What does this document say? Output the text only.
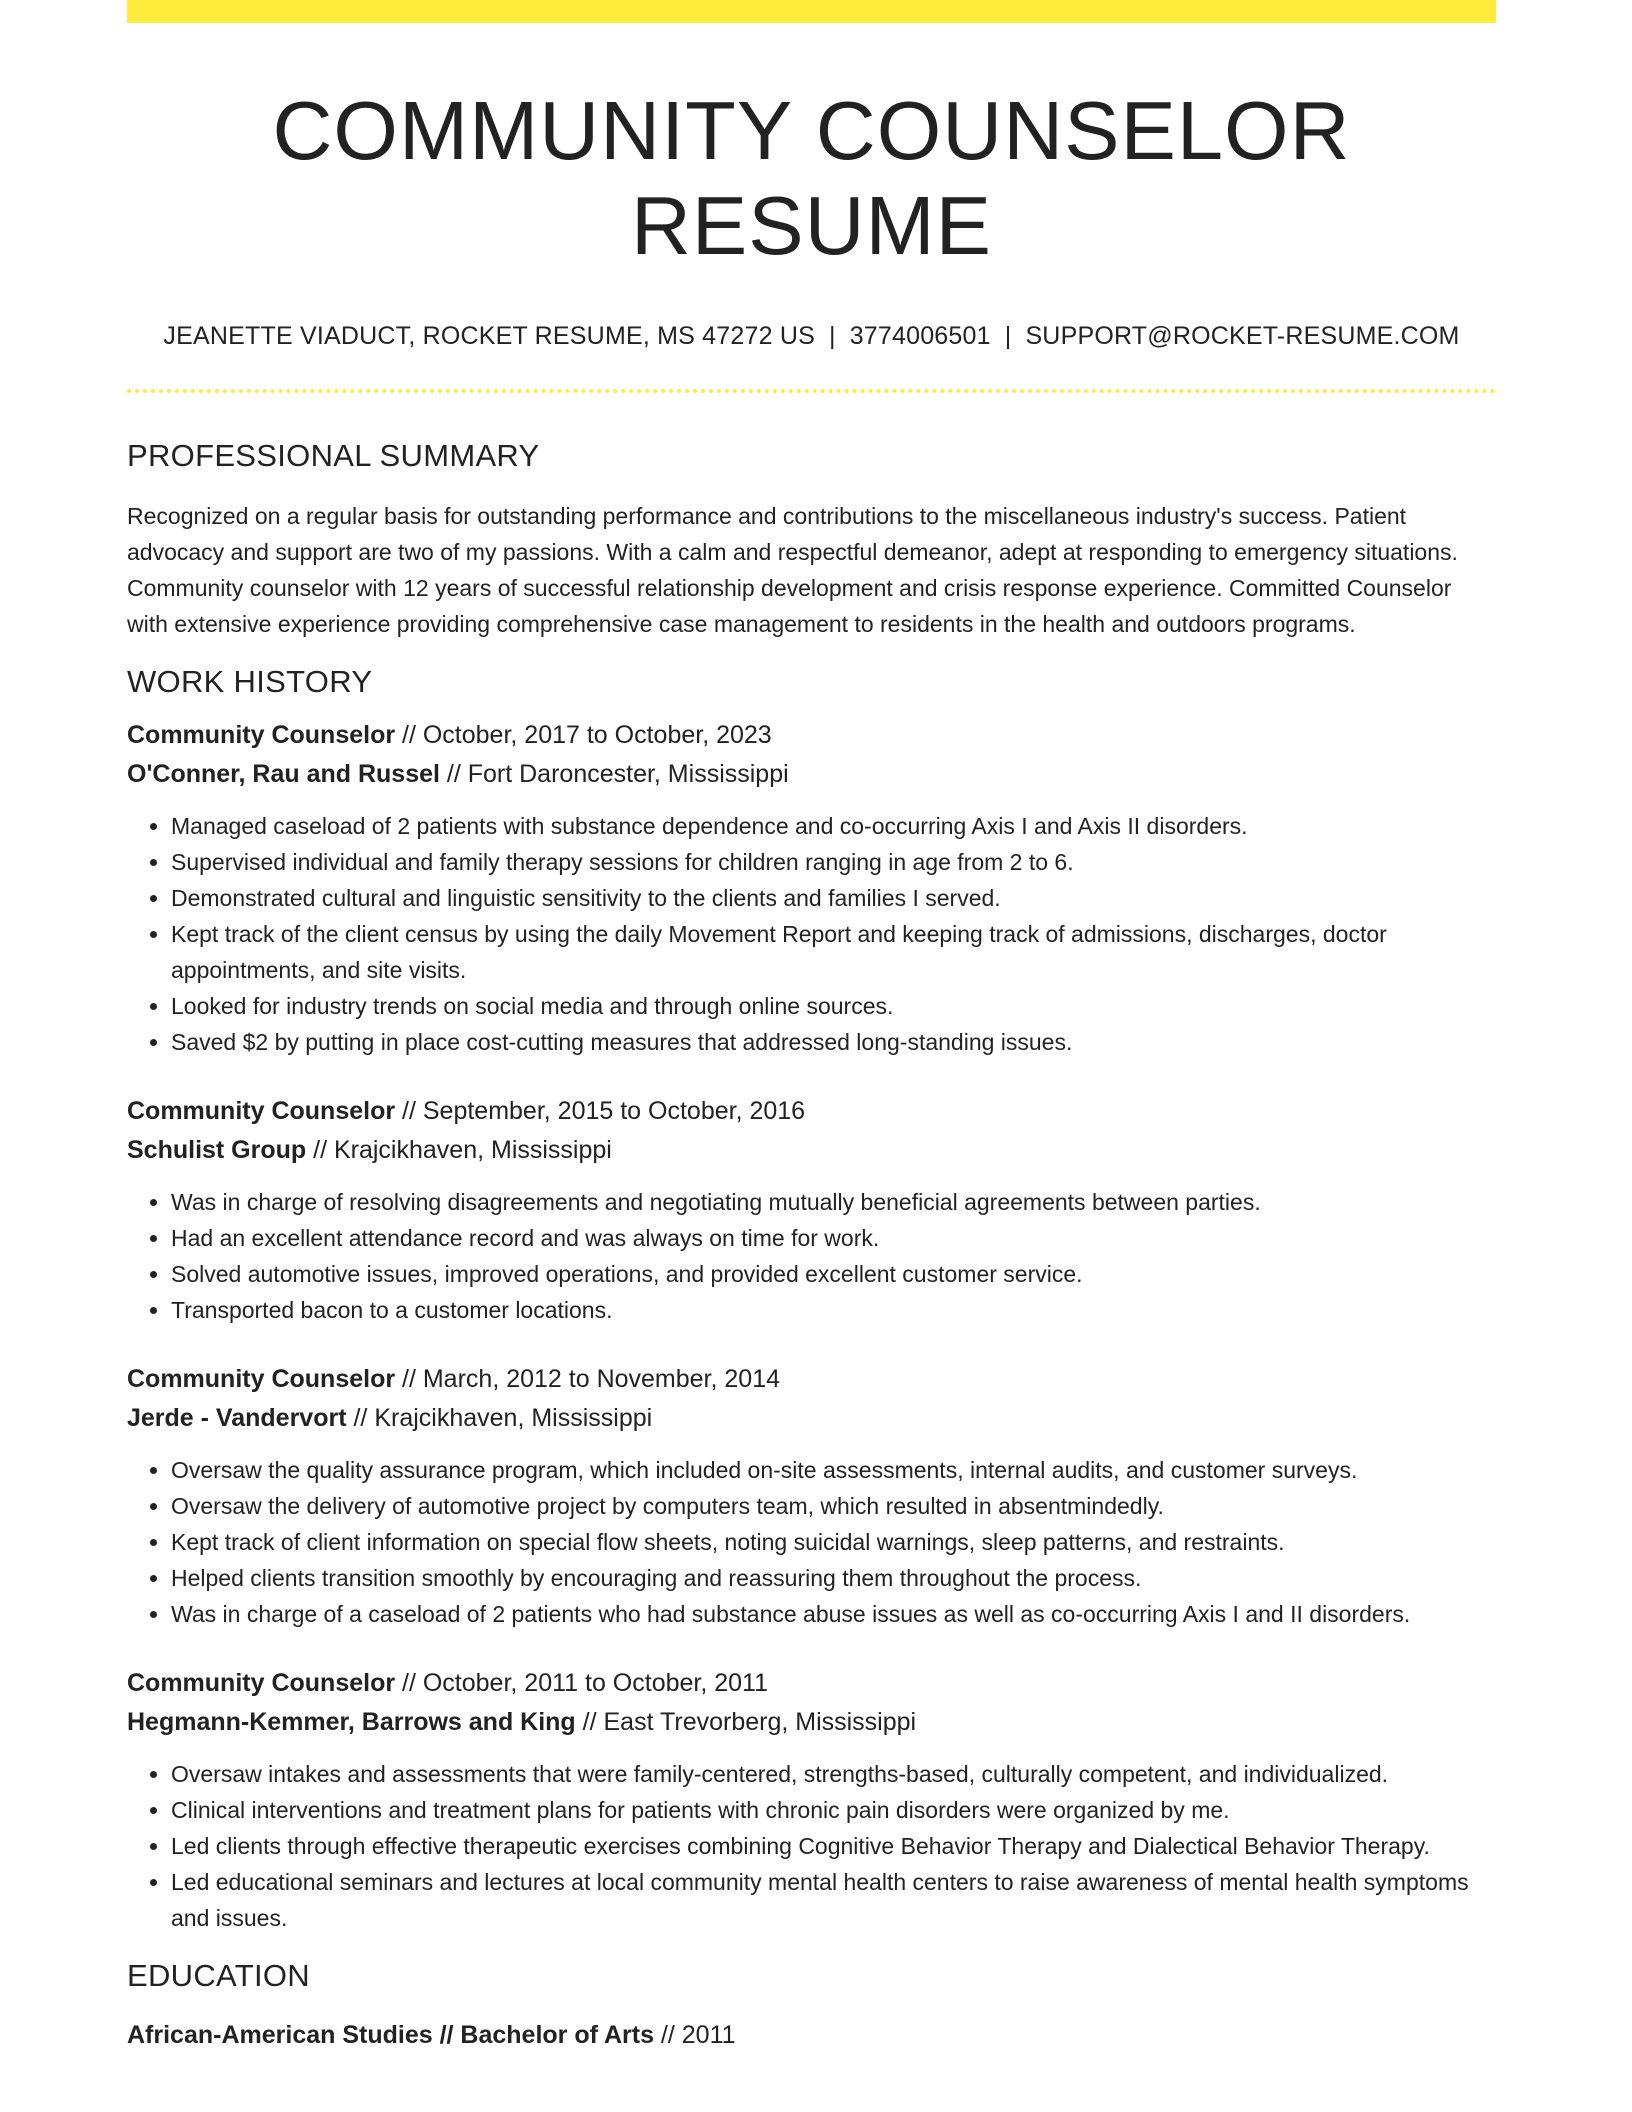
COMMUNITY COUNSELOR RESUME
JEANETTE VIADUCT, ROCKET RESUME, MS 47272 US | 3774006501 | SUPPORT@ROCKET-RESUME.COM
PROFESSIONAL SUMMARY

Recognized on a regular basis for outstanding performance and contributions to the miscellaneous industry's success. Patient advocacy and support are two of my passions. With a calm and respectful demeanor, adept at responding to emergency situations. Community counselor with 12 years of successful relationship development and crisis response experience. Committed Counselor with extensive experience providing comprehensive case management to residents in the health and outdoors programs.

WORK HISTORY
Community Counselor // October, 2017 to October, 2023
O'Conner, Rau and Russel // Fort Daroncester, Mississippi
• Managed caseload of 2 patients with substance dependence and co-occurring Axis I and Axis II disorders.
• Supervised individual and family therapy sessions for children ranging in age from 2 to 6.
• Demonstrated cultural and linguistic sensitivity to the clients and families I served.
• Kept track of the client census by using the daily Movement Report and keeping track of admissions, discharges, doctor appointments, and site visits.
• Looked for industry trends on social media and through online sources.
• Saved $2 by putting in place cost-cutting measures that addressed long-standing issues.
Community Counselor // September, 2015 to October, 2016
Schulist Group // Krajcikhaven, Mississippi
• Was in charge of resolving disagreements and negotiating mutually beneficial agreements between parties.
• Had an excellent attendance record and was always on time for work.
• Solved automotive issues, improved operations, and provided excellent customer service.
• Transported bacon to a customer locations.
Community Counselor // March, 2012 to November, 2014
Jerde - Vandervort // Krajcikhaven, Mississippi
• Oversaw the quality assurance program, which included on-site assessments, internal audits, and customer surveys.
• Oversaw the delivery of automotive project by computers team, which resulted in absentmindedly.
• Kept track of client information on special flow sheets, noting suicidal warnings, sleep patterns, and restraints.
• Helped clients transition smoothly by encouraging and reassuring them throughout the process.
• Was in charge of a caseload of 2 patients who had substance abuse issues as well as co-occurring Axis I and II disorders.
Community Counselor // October, 2011 to October, 2011
Hegmann-Kemmer, Barrows and King // East Trevorberg, Mississippi
• Oversaw intakes and assessments that were family-centered, strengths-based, culturally competent, and individualized.
• Clinical interventions and treatment plans for patients with chronic pain disorders were organized by me.
• Led clients through effective therapeutic exercises combining Cognitive Behavior Therapy and Dialectical Behavior Therapy.
• Led educational seminars and lectures at local community mental health centers to raise awareness of mental health symptoms and issues.
EDUCATION
African-American Studies // Bachelor of Arts // 2011
